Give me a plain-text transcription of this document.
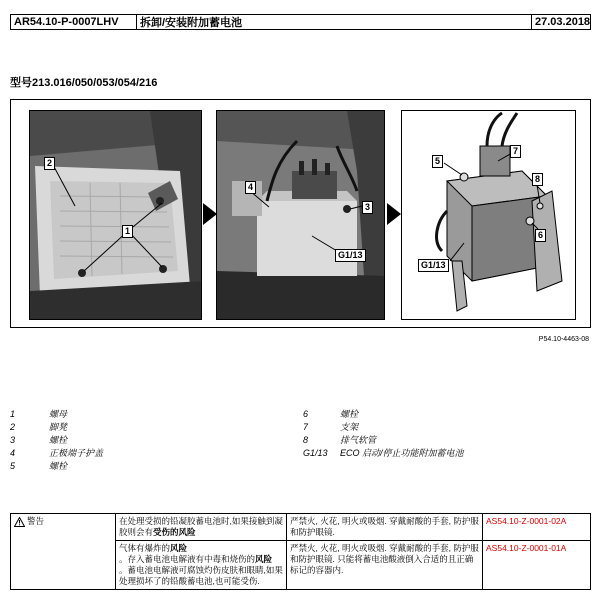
AR54.10-P-0007LHV	拆卸/安装附加蓄电池	27.03.2018
型号213.016/050/053/054/216
2
1
4
3
G1/13
5
7
8
6
G1/13
P54.10-4463-08
1	螺母	6	螺栓
2	脚凳	7	支架
3	螺栓	8	排气软管
4	正极端子护盖	G1/13	ECO 启动/停止功能附加蓄电池
5	螺栓
警告	在处理受损的铅凝胶蓄电池时,如果接触到凝胶则会有受伤的风险	严禁火, 火花, 明火或吸烟. 穿戴耐酸的手套, 防护服和防护眼镜.	AS54.10-Z-0001-02A
	气体有爆炸的风险
。存入蓄电池电解液有中毒和烧伤的风险
。蓄电池电解液可腐蚀灼伤皮肤和眼睛,如果处理损坏了的铅酸蓄电池,也可能受伤.	严禁火, 火花, 明火或吸烟. 穿戴耐酸的手套, 防护服和防护眼镜. 只能将蓄电池酸液倒入合适的且正确标记的容器内.	AS54.10-Z-0001-01A
